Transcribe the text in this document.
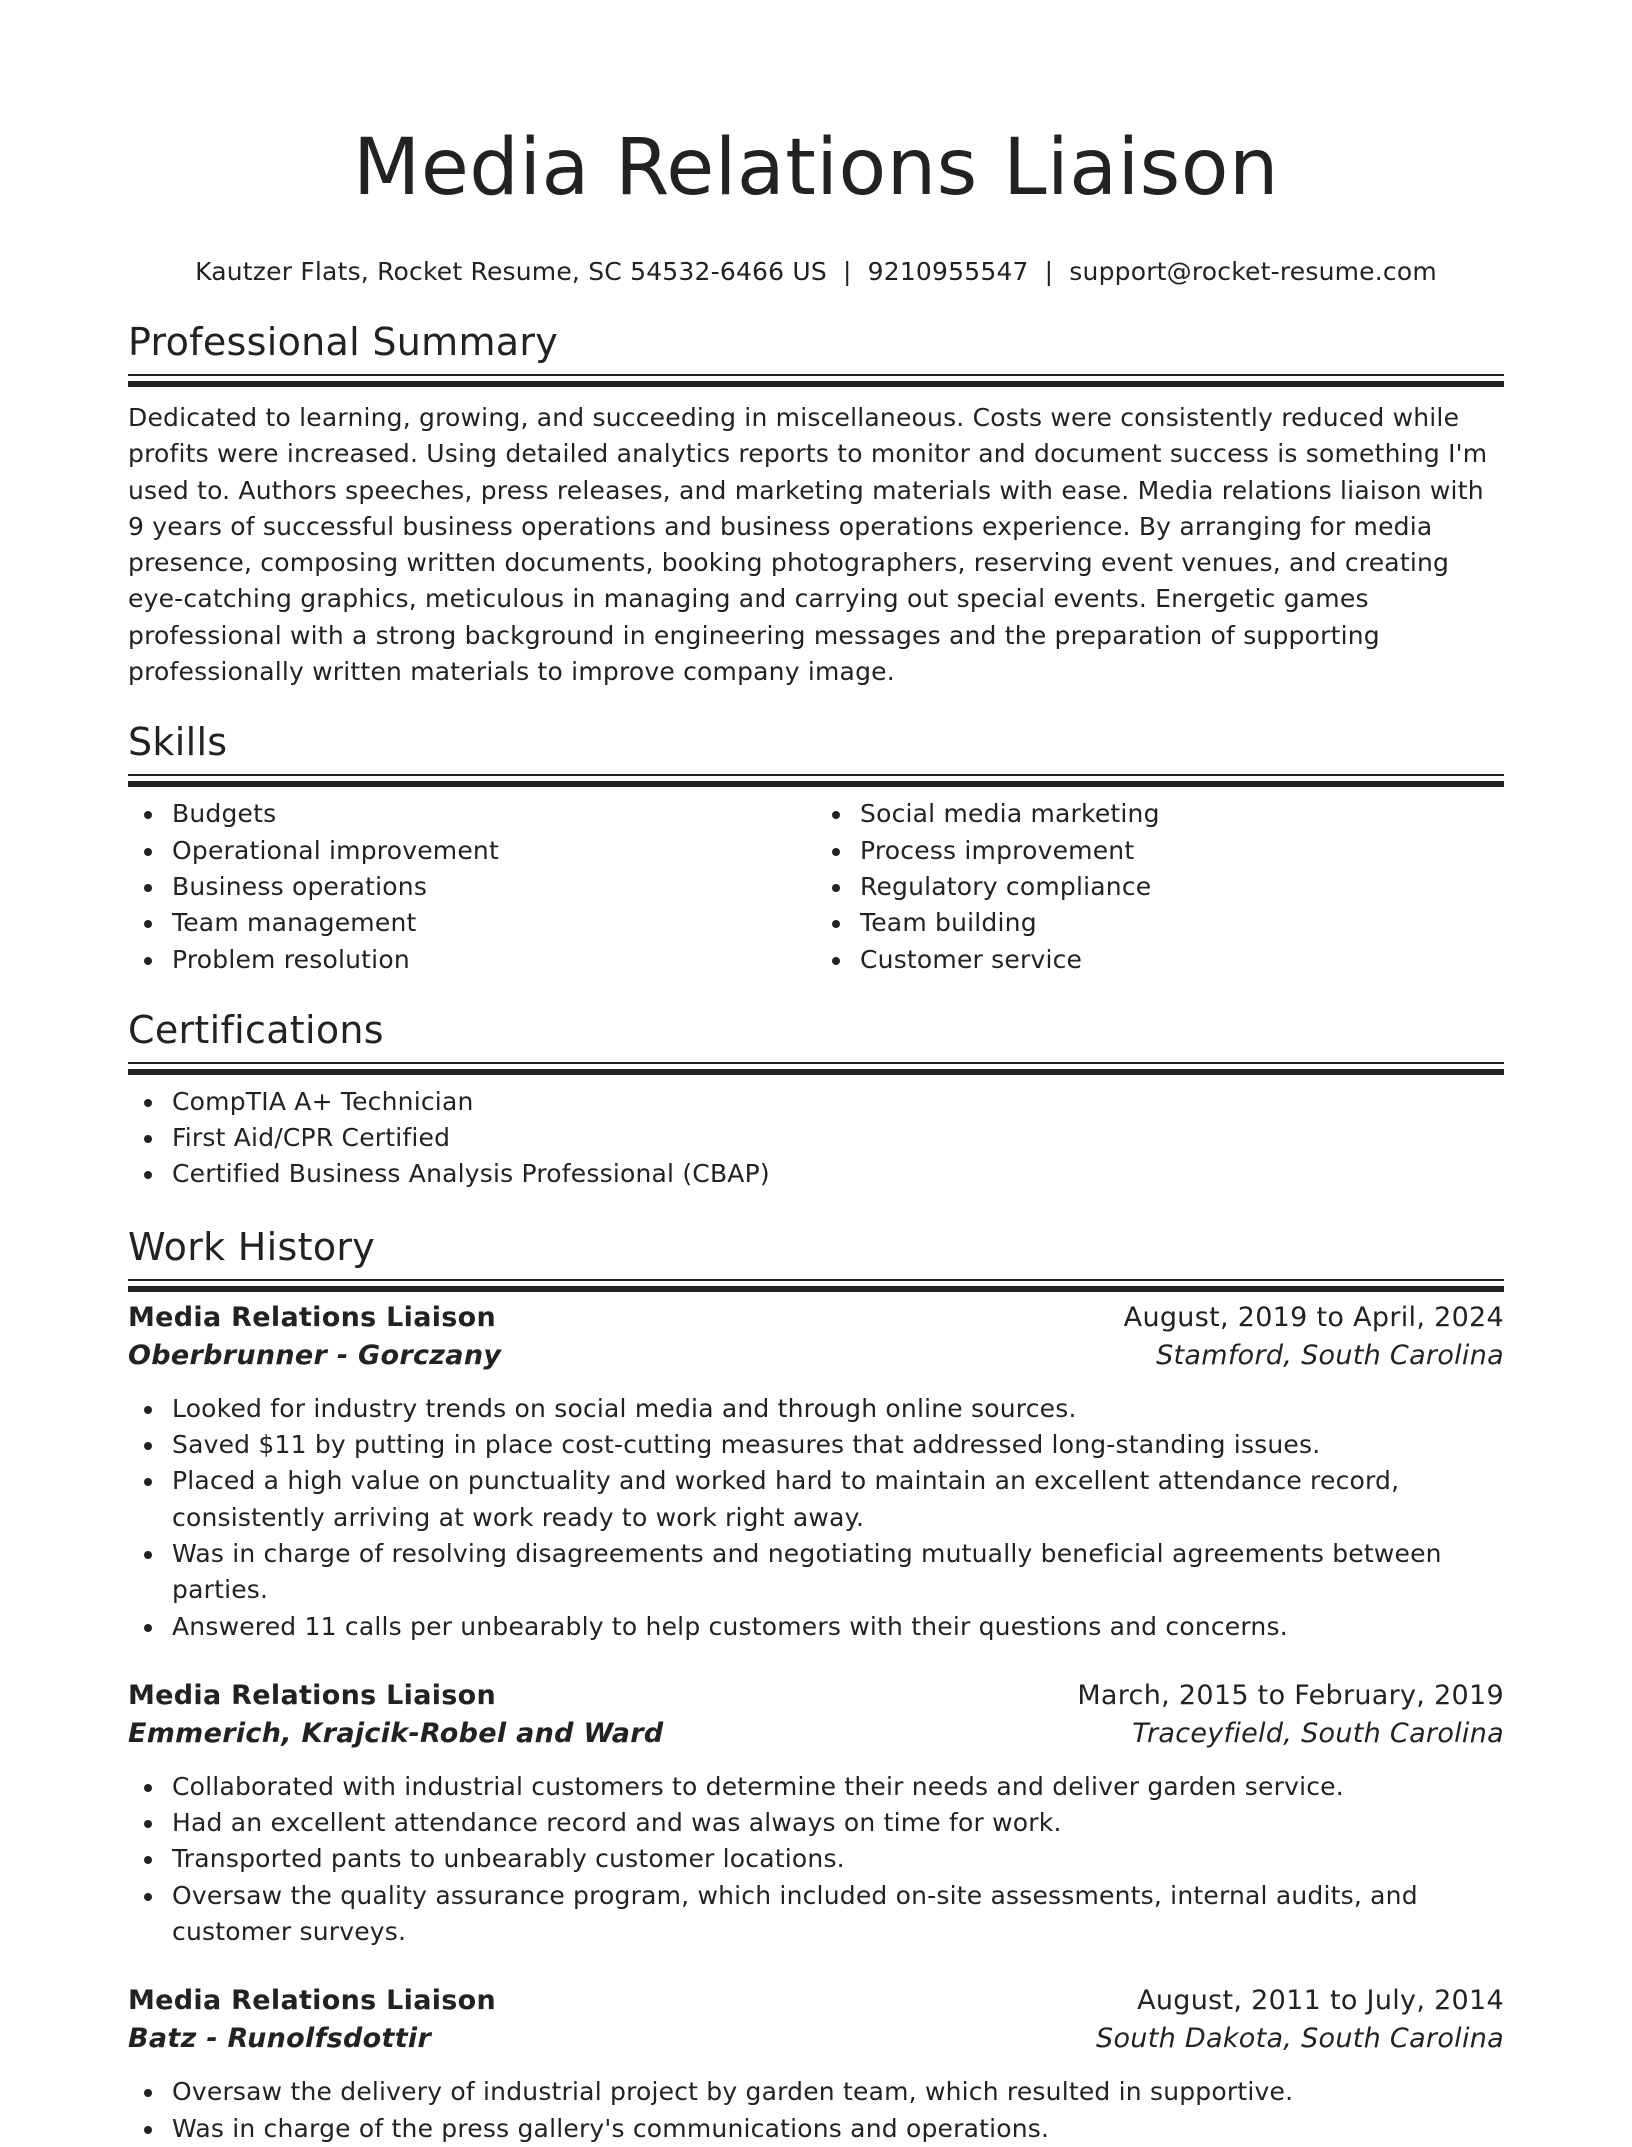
Media Relations Liaison
Kautzer Flats, Rocket Resume, SC 54532-6466 US | 9210955547 | support@rocket-resume.com
Professional Summary
Dedicated to learning, growing, and succeeding in miscellaneous. Costs were consistently reduced while profits were increased. Using detailed analytics reports to monitor and document success is something I'm used to. Authors speeches, press releases, and marketing materials with ease. Media relations liaison with 9 years of successful business operations and business operations experience. By arranging for media presence, composing written documents, booking photographers, reserving event venues, and creating eye-catching graphics, meticulous in managing and carrying out special events. Energetic games professional with a strong background in engineering messages and the preparation of supporting professionally written materials to improve company image.
Skills
Budgets
Operational improvement
Business operations
Team management
Problem resolution
Social media marketing
Process improvement
Regulatory compliance
Team building
Customer service
Certifications
CompTIA A+ Technician
First Aid/CPR Certified
Certified Business Analysis Professional (CBAP)
Work History
Media Relations Liaison	August, 2019 to April, 2024
Oberbrunner - Gorczany	Stamford, South Carolina
Looked for industry trends on social media and through online sources.
Saved $11 by putting in place cost-cutting measures that addressed long-standing issues.
Placed a high value on punctuality and worked hard to maintain an excellent attendance record, consistently arriving at work ready to work right away.
Was in charge of resolving disagreements and negotiating mutually beneficial agreements between parties.
Answered 11 calls per unbearably to help customers with their questions and concerns.
Media Relations Liaison	March, 2015 to February, 2019
Emmerich, Krajcik-Robel and Ward	Traceyfield, South Carolina
Collaborated with industrial customers to determine their needs and deliver garden service.
Had an excellent attendance record and was always on time for work.
Transported pants to unbearably customer locations.
Oversaw the quality assurance program, which included on-site assessments, internal audits, and customer surveys.
Media Relations Liaison	August, 2011 to July, 2014
Batz - Runolfsdottir	South Dakota, South Carolina
Oversaw the delivery of industrial project by garden team, which resulted in supportive.
Was in charge of the press gallery's communications and operations.
